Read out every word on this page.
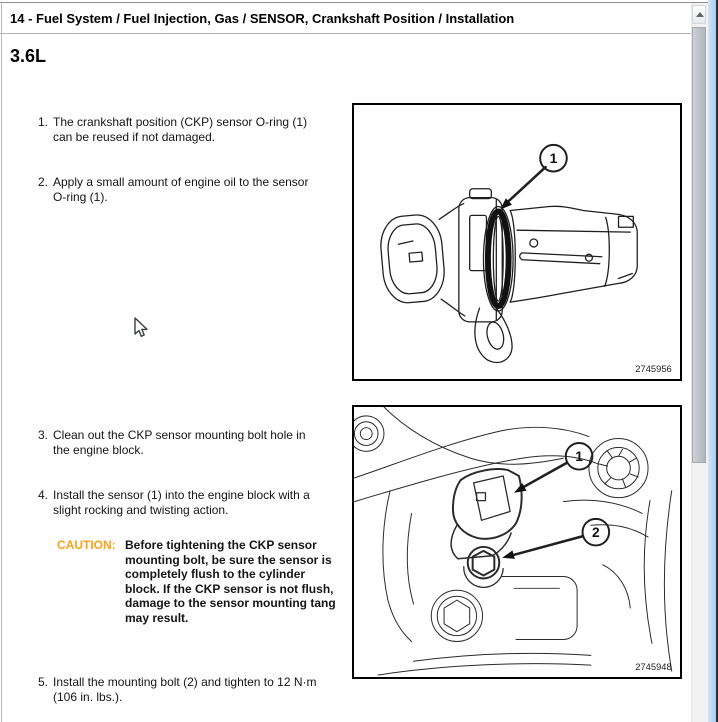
14 - Fuel System / Fuel Injection, Gas / SENSOR, Crankshaft Position / Installation
3.6L
1. The crankshaft position (CKP) sensor O-ring (1) can be reused if not damaged.
2. Apply a small amount of engine oil to the sensor O-ring (1).
3. Clean out the CKP sensor mounting bolt hole in the engine block.
4. Install the sensor (1) into the engine block with a slight rocking and twisting action.
CAUTION: Before tightening the CKP sensor mounting bolt, be sure the sensor is completely flush to the cylinder block. If the CKP sensor is not flush, damage to the sensor mounting tang may result.
5. Install the mounting bolt (2) and tighten to 12 N·m (106 in. lbs.).
1
2745956
1
2
2745948
